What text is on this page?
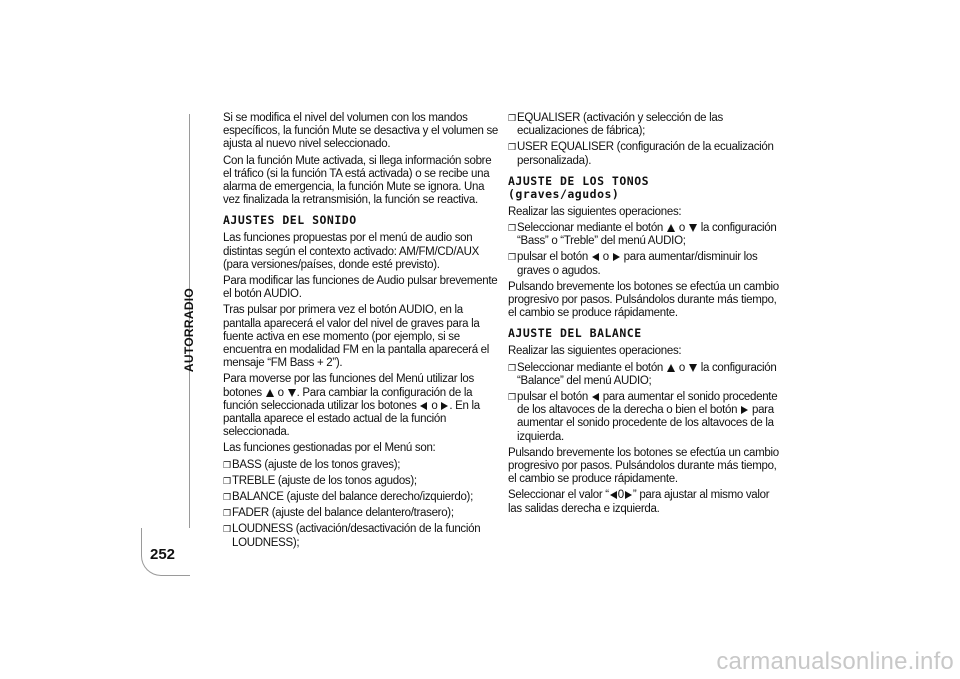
AUTORRADIO
252

Si se modifica el nivel del volumen con los mandos específicos, la función Mute se desactiva y el volumen se ajusta al nuevo nivel seleccionado.

Con la función Mute activada, si llega información sobre el tráfico (si la función TA está activada) o se recibe una alarma de emergencia, la función Mute se ignora. Una vez finalizada la retransmisión, la función se reactiva.

AJUSTES DEL SONIDO

Las funciones propuestas por el menú de audio son distintas según el contexto activado: AM/FM/CD/AUX (para versiones/países, donde esté previsto).

Para modificar las funciones de Audio pulsar brevemente el botón AUDIO.

Tras pulsar por primera vez el botón AUDIO, en la pantalla aparecerá el valor del nivel de graves para la fuente activa en ese momento (por ejemplo, si se encuentra en modalidad FM en la pantalla aparecerá el mensaje “FM Bass + 2”).

Para moverse por las funciones del Menú utilizar los botones  o . Para cambiar la configuración de la función seleccionada utilizar los botones  o . En la pantalla aparece el estado actual de la función seleccionada.

Las funciones gestionadas por el Menú son:

❒ BASS (ajuste de los tonos graves);
❒ TREBLE (ajuste de los tonos agudos);
❒ BALANCE (ajuste del balance derecho/izquierdo);
❒ FADER (ajuste del balance delantero/trasero);
❒ LOUDNESS (activación/desactivación de la función LOUDNESS);
❒ EQUALISER (activación y selección de las ecualizaciones de fábrica);
❒ USER EQUALISER (configuración de la ecualización personalizada).
AJUSTE DE LOS TONOS
(graves/agudos)

Realizar las siguientes operaciones:

❒ Seleccionar mediante el botón  o  la configuración “Bass” o “Treble” del menú AUDIO;
❒ pulsar el botón  o  para aumentar/disminuir los graves o agudos.

Pulsando brevemente los botones se efectúa un cambio progresivo por pasos. Pulsándolos durante más tiempo, el cambio se produce rápidamente.

AJUSTE DEL BALANCE

Realizar las siguientes operaciones:

❒ Seleccionar mediante el botón  o  la configuración “Balance” del menú AUDIO;
❒ pulsar el botón  para aumentar el sonido procedente de los altavoces de la derecha o bien el botón  para aumentar el sonido procedente de los altavoces de la izquierda.

Pulsando brevemente los botones se efectúa un cambio progresivo por pasos. Pulsándolos durante más tiempo, el cambio se produce rápidamente.

Seleccionar el valor “ 0 ” para ajustar al mismo valor las salidas derecha e izquierda.

carmanualsonline.info
